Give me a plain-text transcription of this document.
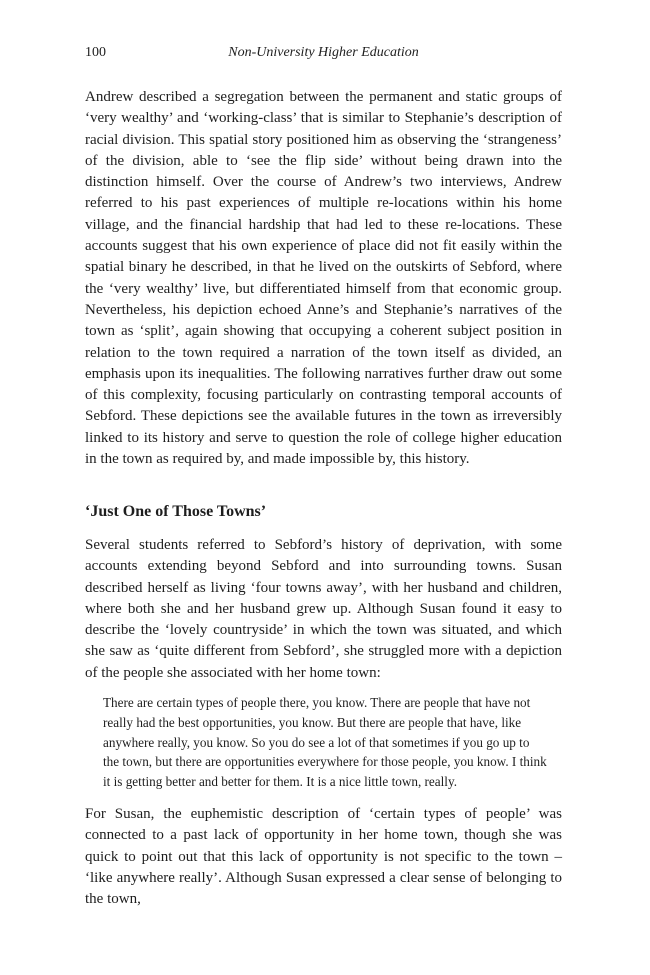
100	Non-University Higher Education

Andrew described a segregation between the permanent and static groups of ‘very wealthy’ and ‘working-class’ that is similar to Stephanie’s description of racial division. This spatial story positioned him as observing the ‘strangeness’ of the division, able to ‘see the flip side’ without being drawn into the distinction himself. Over the course of Andrew’s two interviews, Andrew referred to his past experiences of multiple re-locations within his home village, and the financial hardship that had led to these re-locations. These accounts suggest that his own experience of place did not fit easily within the spatial binary he described, in that he lived on the outskirts of Sebford, where the ‘very wealthy’ live, but differentiated himself from that economic group. Nevertheless, his depiction echoed Anne’s and Stephanie’s narratives of the town as ‘split’, again showing that occupying a coherent subject position in relation to the town required a narration of the town itself as divided, an emphasis upon its inequalities. The following narratives further draw out some of this complexity, focusing particularly on contrasting temporal accounts of Sebford. These depictions see the available futures in the town as irreversibly linked to its history and serve to question the role of college higher education in the town as required by, and made impossible by, this history.

‘Just One of Those Towns’

Several students referred to Sebford’s history of deprivation, with some accounts extending beyond Sebford and into surrounding towns. Susan described herself as living ‘four towns away’, with her husband and children, where both she and her husband grew up. Although Susan found it easy to describe the ‘lovely countryside’ in which the town was situated, and which she saw as ‘quite different from Sebford’, she struggled more with a depiction of the people she associated with her home town:

There are certain types of people there, you know. There are people that have not really had the best opportunities, you know. But there are people that have, like anywhere really, you know. So you do see a lot of that sometimes if you go up to the town, but there are opportunities everywhere for those people, you know. I think it is getting better and better for them. It is a nice little town, really.

For Susan, the euphemistic description of ‘certain types of people’ was connected to a past lack of opportunity in her home town, though she was quick to point out that this lack of opportunity is not specific to the town – ‘like anywhere really’. Although Susan expressed a clear sense of belonging to the town,
